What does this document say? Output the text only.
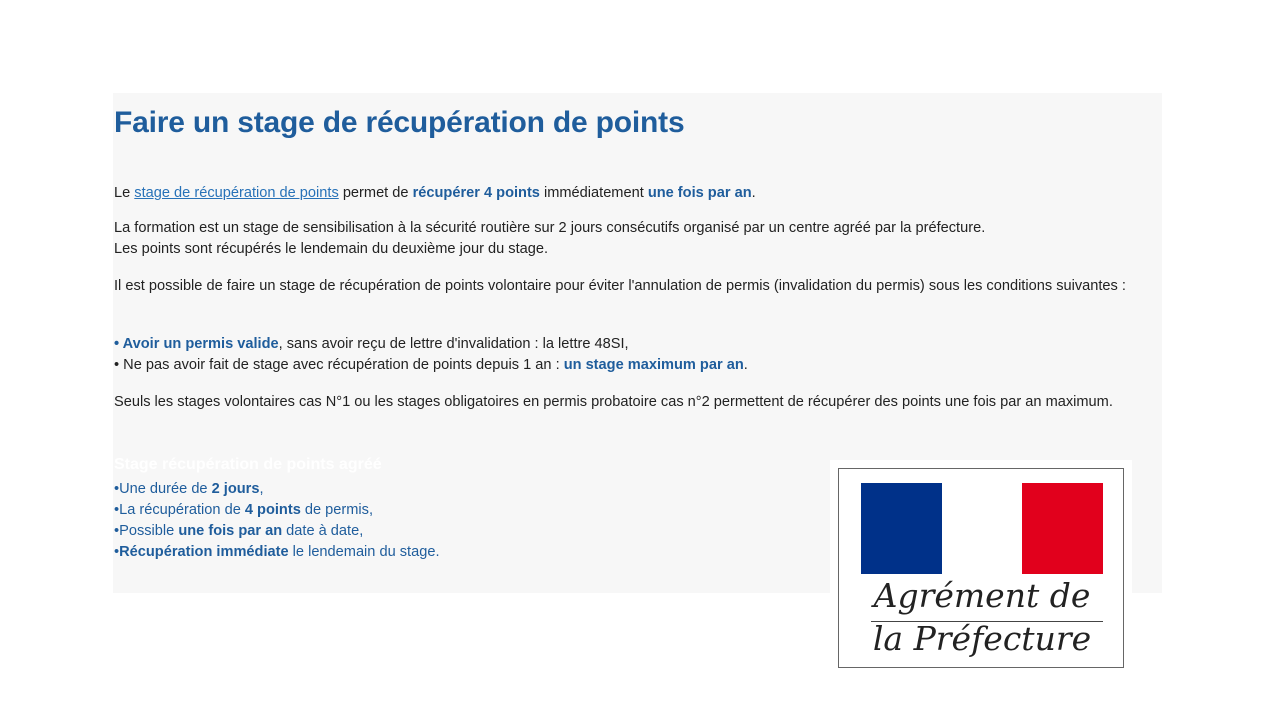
Faire un stage de récupération de points

Le stage de récupération de points permet de récupérer 4 points immédiatement une fois par an.

La formation est un stage de sensibilisation à la sécurité routière sur 2 jours consécutifs organisé par un centre agréé par la préfecture.
Les points sont récupérés le lendemain du deuxième jour du stage.

Il est possible de faire un stage de récupération de points volontaire pour éviter l'annulation de permis (invalidation du permis) sous les conditions suivantes :

• Avoir un permis valide, sans avoir reçu de lettre d'invalidation : la lettre 48SI,
• Ne pas avoir fait de stage avec récupération de points depuis 1 an : un stage maximum par an.

Seuls les stages volontaires cas N°1 ou les stages obligatoires en permis probatoire cas n°2 permettent de récupérer des points une fois par an maximum.

Stage récupération de points agréé
•Une durée de 2 jours,
•La récupération de 4 points de permis,
•Possible une fois par an date à date,
•Récupération immédiate le lendemain du stage.

Agrément de

la Préfecture
